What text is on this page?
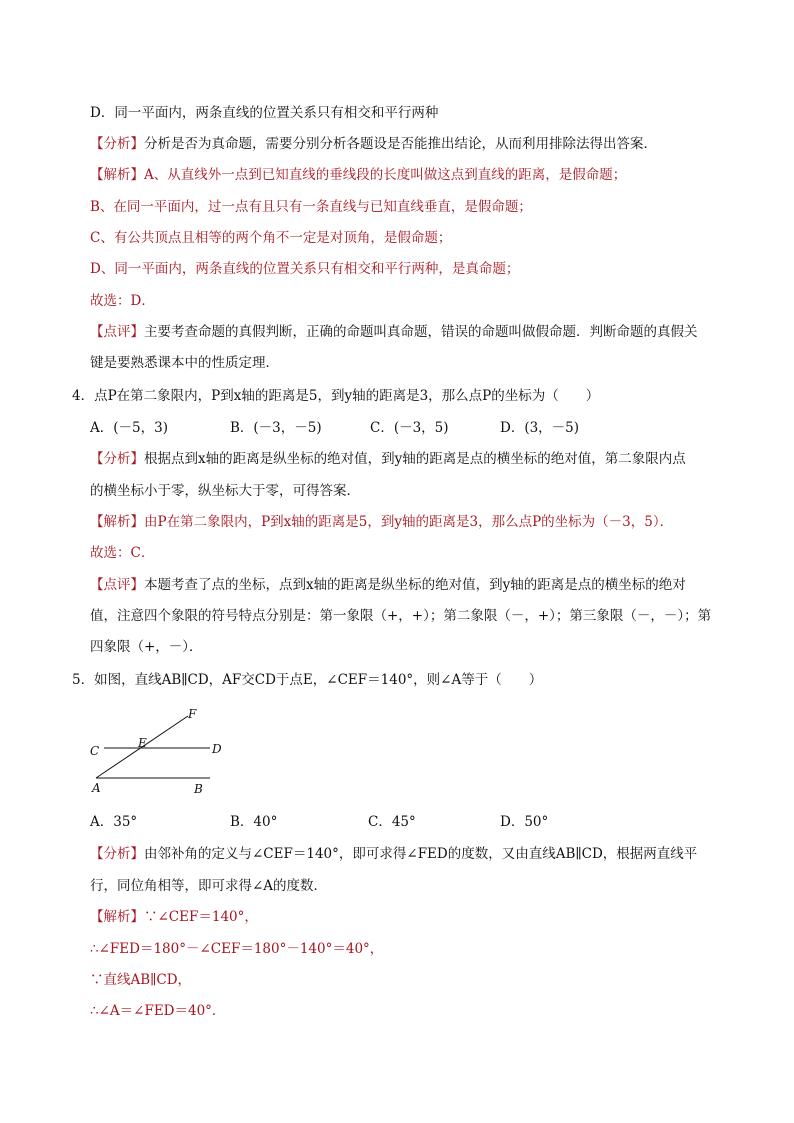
D．同一平面内，两条直线的位置关系只有相交和平行两种
【分析】分析是否为真命题，需要分别分析各题设是否能推出结论，从而利用排除法得出答案．
【解析】A、从直线外一点到已知直线的垂线段的长度叫做这点到直线的距离，是假命题；
B、在同一平面内，过一点有且只有一条直线与已知直线垂直，是假命题；
C、有公共顶点且相等的两个角不一定是对顶角，是假命题；
D、同一平面内，两条直线的位置关系只有相交和平行两种，是真命题；
故选：D．
【点评】主要考查命题的真假判断，正确的命题叫真命题，错误的命题叫做假命题．判断命题的真假关
键是要熟悉课本中的性质定理．
4．点P在第二象限内，P到x轴的距离是5，到y轴的距离是3，那么点P的坐标为（　　）
A．(－5，3)	B．(－3，－5)	C．(－3，5)	D．(3，－5)
【分析】根据点到x轴的距离是纵坐标的绝对值，到y轴的距离是点的横坐标的绝对值，第二象限内点
的横坐标小于零，纵坐标大于零，可得答案．
【解析】由P在第二象限内，P到x轴的距离是5，到y轴的距离是3，那么点P的坐标为（－3，5）．
故选：C．
【点评】本题考查了点的坐标，点到x轴的距离是纵坐标的绝对值，到y轴的距离是点的横坐标的绝对
值，注意四个象限的符号特点分别是：第一象限（+，+）；第二象限（－，+）；第三象限（－，－）；第
四象限（+，－）．
5．如图，直线AB∥CD，AF交CD于点E，∠CEF＝140°，则∠A等于（　　）
F
E
C	D
A	B
A．35°	B．40°	C．45°	D．50°
【分析】由邻补角的定义与∠CEF＝140°，即可求得∠FED的度数，又由直线AB∥CD，根据两直线平
行，同位角相等，即可求得∠A的度数．
【解析】∵∠CEF＝140°，
∴∠FED＝180°－∠CEF＝180°－140°＝40°，
∵直线AB∥CD，
∴∠A＝∠FED＝40°．
